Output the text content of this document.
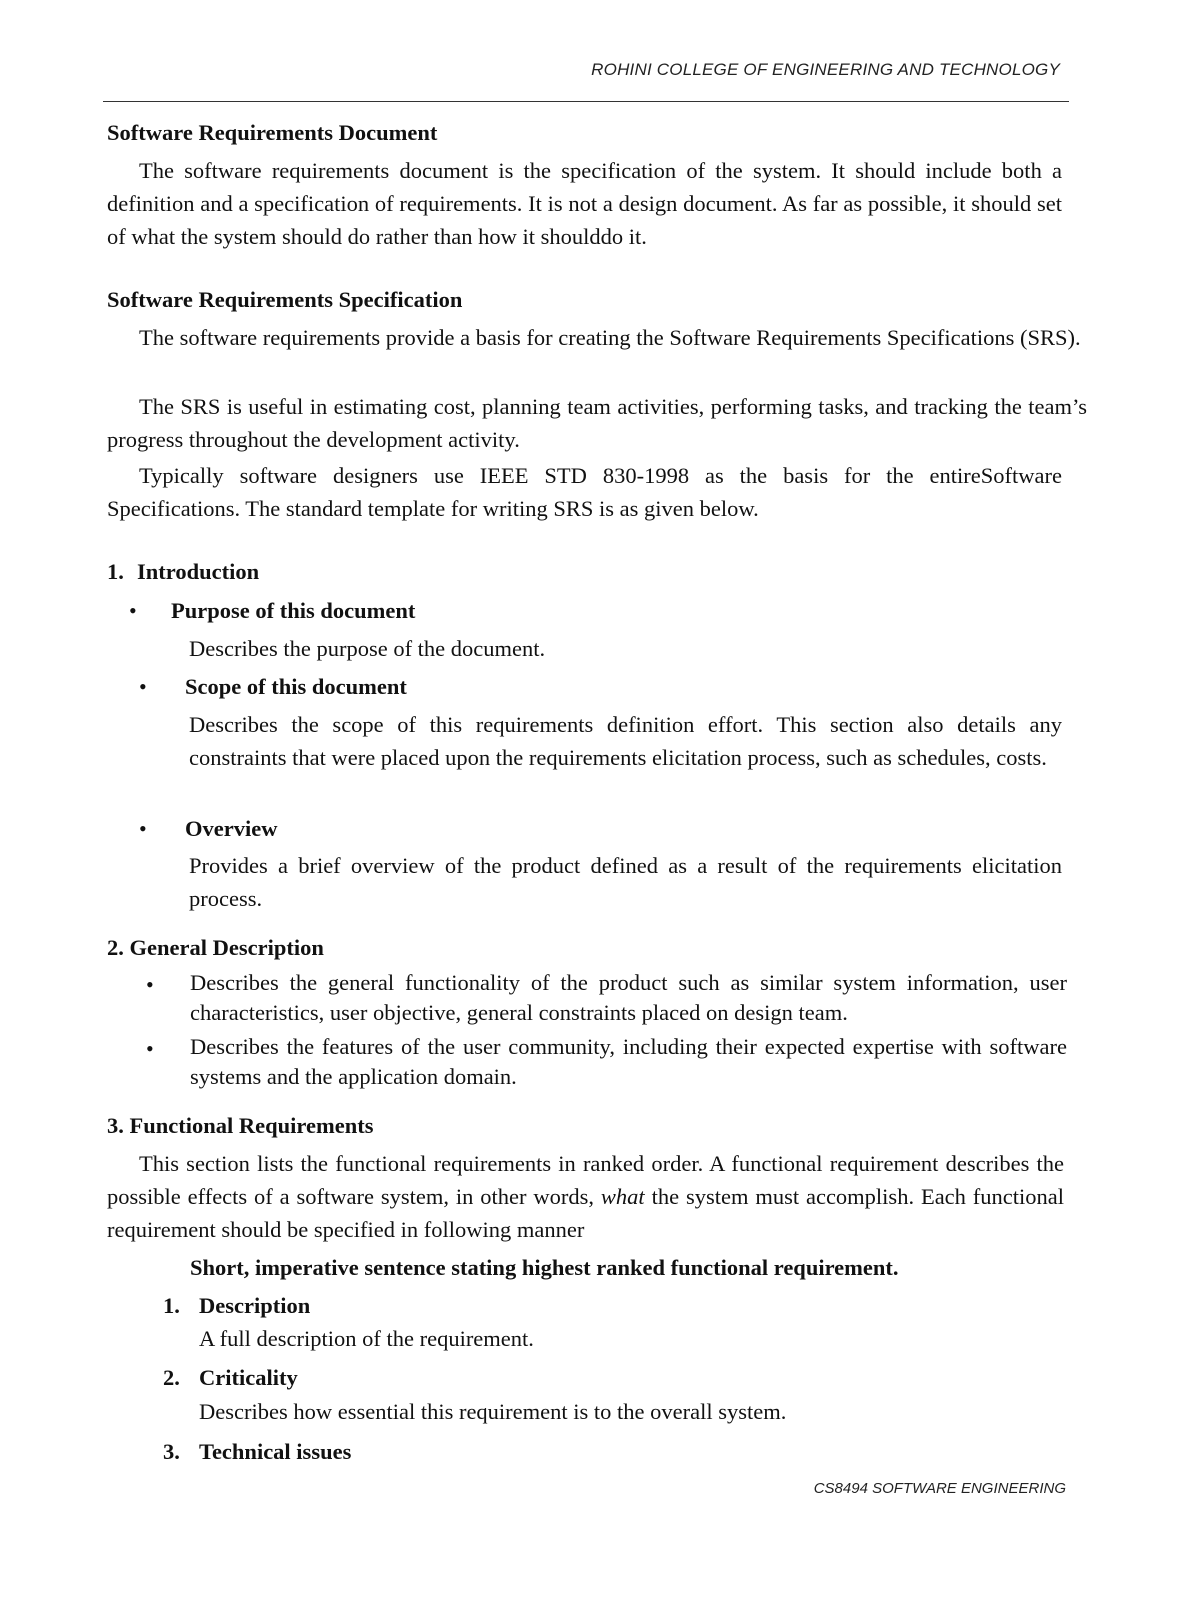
ROHINI COLLEGE OF ENGINEERING AND TECHNOLOGY
Software Requirements Document
The software requirements document is the specification of the system. It should include both a definition and a specification of requirements. It is not a design document. As far as possible, it should set of what the system should do rather than how it shoulddo it.
Software Requirements Specification
The software requirements provide a basis for creating the Software Requirements Specifications (SRS).
The SRS is useful in estimating cost, planning team activities, performing tasks, and tracking the team’s progress throughout the development activity.
Typically software designers use IEEE STD 830-1998 as the basis for the entireSoftware Specifications. The standard template for writing SRS is as given below.
1. Introduction
• Purpose of this document
Describes the purpose of the document.
• Scope of this document
Describes the scope of this requirements definition effort. This section also details any constraints that were placed upon the requirements elicitation process, such as schedules, costs.
• Overview
Provides a brief overview of the product defined as a result of the requirements elicitation process.
2. General Description
• Describes the general functionality of the product such as similar system information, user characteristics, user objective, general constraints placed on design team.
• Describes the features of the user community, including their expected expertise with software systems and the application domain.
3. Functional Requirements
This section lists the functional requirements in ranked order. A functional requirement describes the possible effects of a software system, in other words, what the system must accomplish. Each functional requirement should be specified in following manner
Short, imperative sentence stating highest ranked functional requirement.
1. Description
A full description of the requirement.
2. Criticality
Describes how essential this requirement is to the overall system.
3. Technical issues
CS8494 SOFTWARE ENGINEERING
